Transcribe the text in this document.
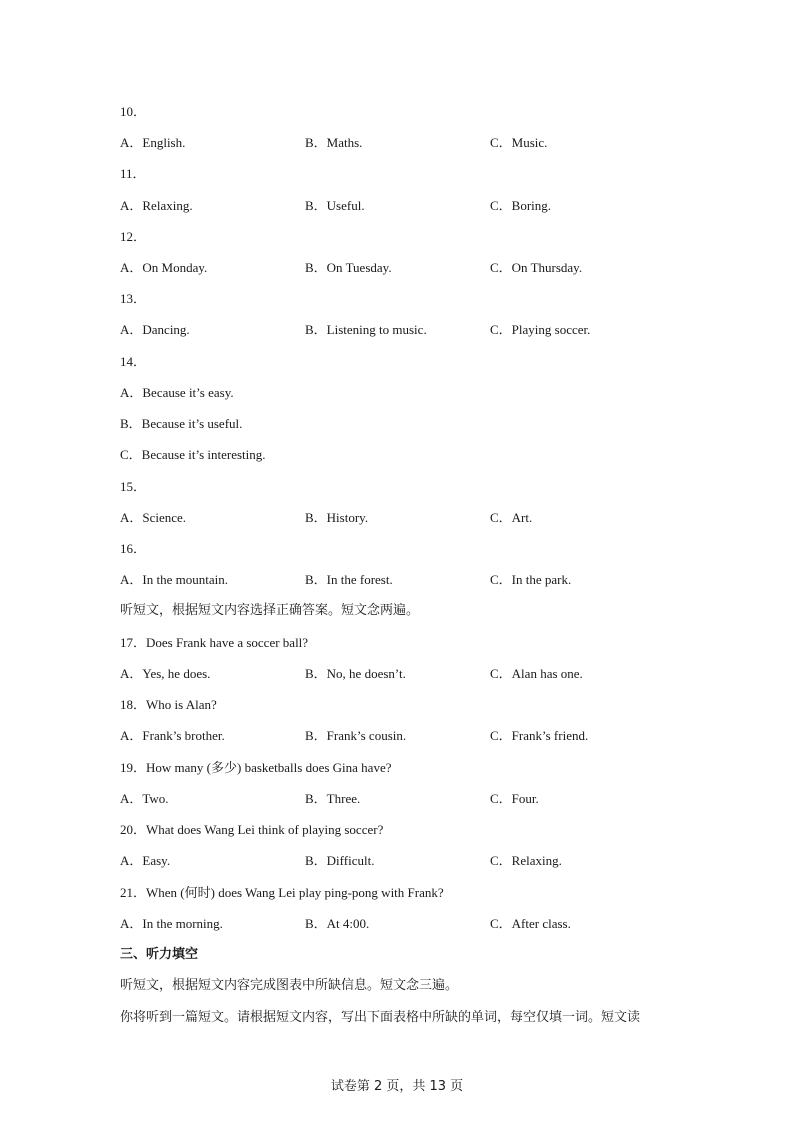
10．
A．English.	B．Maths.	C．Music.
11．
A．Relaxing.	B．Useful.	C．Boring.
12．
A．On Monday.	B．On Tuesday.	C．On Thursday.
13．
A．Dancing.	B．Listening to music.	C．Playing soccer.
14．
A．Because it’s easy.
B．Because it’s useful.
C．Because it’s interesting.
15．
A．Science.	B．History.	C．Art.
16．
A．In the mountain.	B．In the forest.	C．In the park.
听短文，根据短文内容选择正确答案。短文念两遍。
17．Does Frank have a soccer ball?
A．Yes, he does.	B．No, he doesn’t.	C．Alan has one.
18．Who is Alan?
A．Frank’s brother.	B．Frank’s cousin.	C．Frank’s friend.
19．How many (多少) basketballs does Gina have?
A．Two.	B．Three.	C．Four.
20．What does Wang Lei think of playing soccer?
A．Easy.	B．Difficult.	C．Relaxing.
21．When (何时) does Wang Lei play ping-pong with Frank?
A．In the morning.	B．At 4:00.	C．After class.
三、听力填空
听短文，根据短文内容完成图表中所缺信息。短文念三遍。
你将听到一篇短文。请根据短文内容，写出下面表格中所缺的单词，每空仅填一词。短文读
试卷第 2 页，共 13 页
